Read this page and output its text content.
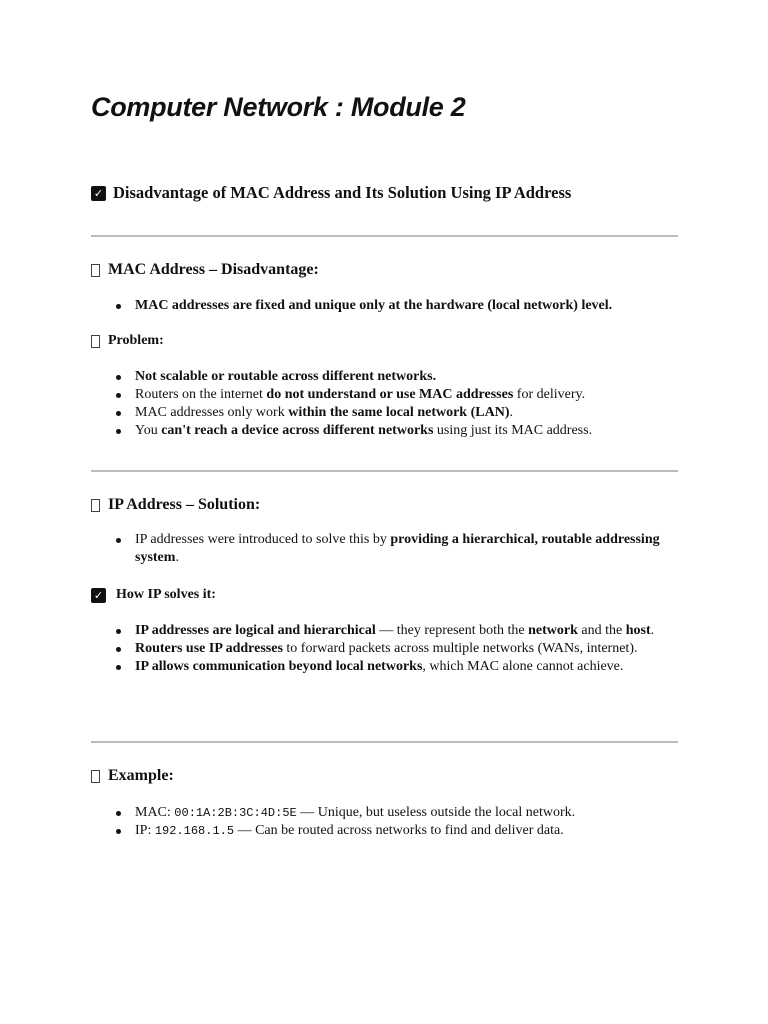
Computer Network : Module 2
✓ Disadvantage of MAC Address and Its Solution Using IP Address
MAC Address – Disadvantage:
MAC addresses are fixed and unique only at the hardware (local network) level.
Problem:
Not scalable or routable across different networks.
Routers on the internet do not understand or use MAC addresses for delivery.
MAC addresses only work within the same local network (LAN).
You can't reach a device across different networks using just its MAC address.
IP Address – Solution:
IP addresses were introduced to solve this by providing a hierarchical, routable addressing system.
✓ How IP solves it:
IP addresses are logical and hierarchical — they represent both the network and the host.
Routers use IP addresses to forward packets across multiple networks (WANs, internet).
IP allows communication beyond local networks, which MAC alone cannot achieve.
Example:
MAC: 00:1A:2B:3C:4D:5E — Unique, but useless outside the local network.
IP: 192.168.1.5 — Can be routed across networks to find and deliver data.
